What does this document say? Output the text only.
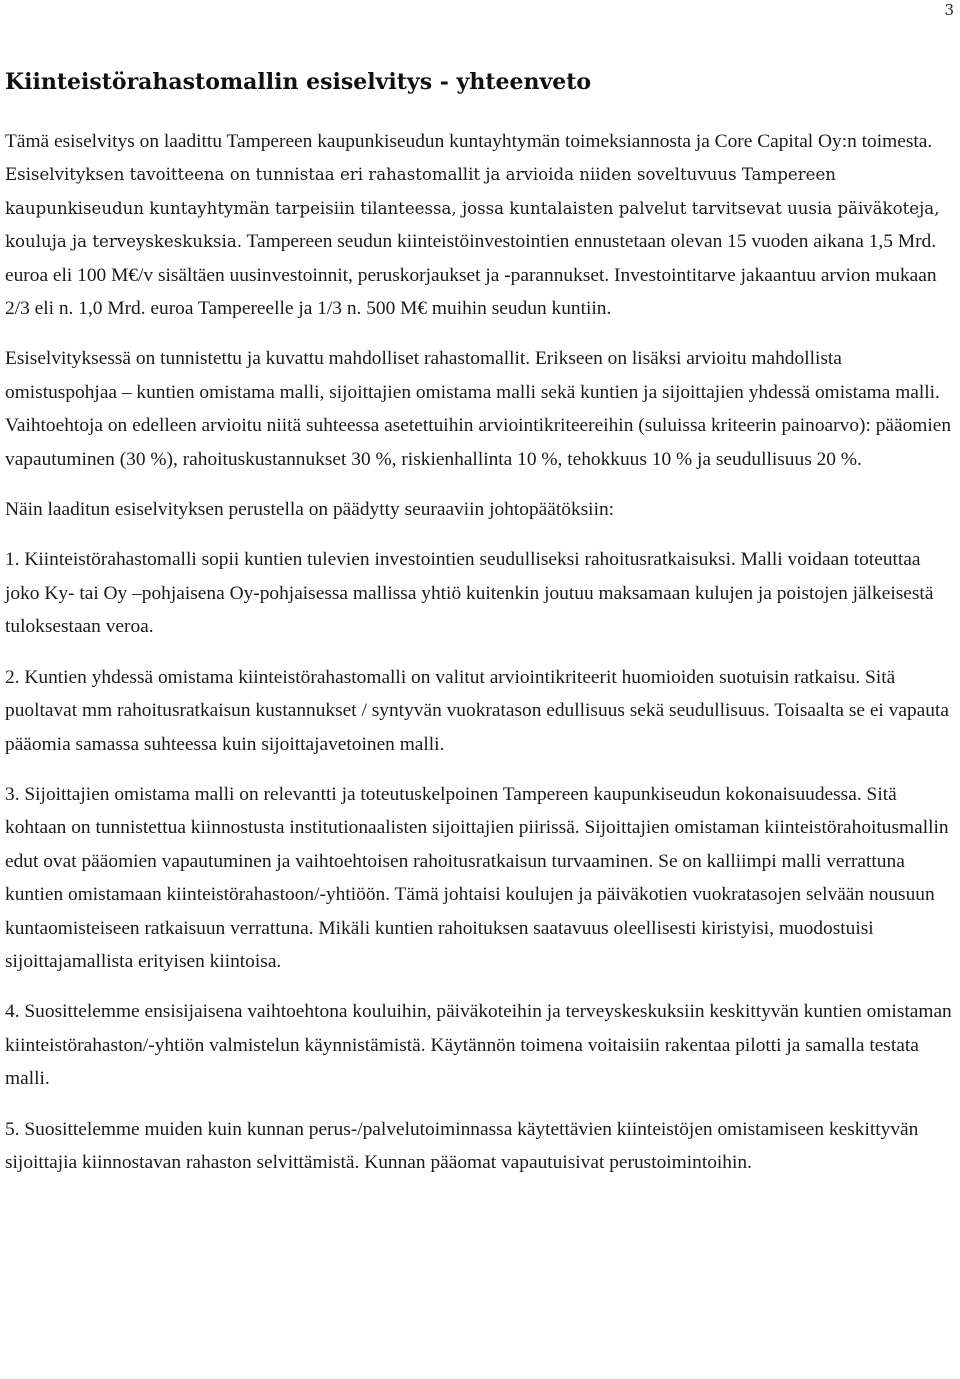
3
Kiinteistörahastomallin esiselvitys - yhteenveto

Tämä esiselvitys on laadittu Tampereen kaupunkiseudun kuntayhtymän toimeksiannosta ja Core Capital Oy:n toimesta. Esiselvityksen tavoitteena on tunnistaa eri rahastomallit ja arvioida niiden soveltuvuus Tampereen kaupunkiseudun kuntayhtymän tarpeisiin tilanteessa, jossa kuntalaisten palvelut tarvitsevat uusia päiväkoteja, kouluja ja terveyskeskuksia. Tampereen seudun kiinteistöinvestointien ennustetaan olevan 15 vuoden aikana 1,5 Mrd. euroa eli 100 M€/v sisältäen uusinvestoinnit, peruskorjaukset ja -parannukset. Investointitarve jakaantuu arvion mukaan 2/3 eli n. 1,0 Mrd. euroa Tampereelle ja 1/3 n. 500 M€ muihin seudun kuntiin.

Esiselvityksessä on tunnistettu ja kuvattu mahdolliset rahastomallit. Erikseen on lisäksi arvioitu mahdollista omistuspohjaa – kuntien omistama malli, sijoittajien omistama malli sekä kuntien ja sijoittajien yhdessä omistama malli. Vaihtoehtoja on edelleen arvioitu niitä suhteessa asetettuihin arviointikriteereihin (suluissa kriteerin painoarvo): pääomien vapautuminen (30 %), rahoituskustannukset 30 %, riskienhallinta 10 %, tehokkuus 10 % ja seudullisuus 20 %.

Näin laaditun esiselvityksen perustella on päädytty seuraaviin johtopäätöksiin:

1. Kiinteistörahastomalli sopii kuntien tulevien investointien seudulliseksi rahoitusratkaisuksi. Malli voidaan toteuttaa joko Ky- tai Oy –pohjaisena Oy-pohjaisessa mallissa yhtiö kuitenkin joutuu maksamaan kulujen ja poistojen jälkeisestä tuloksestaan veroa.

2. Kuntien yhdessä omistama kiinteistörahastomalli on valitut arviointikriteerit huomioiden suotuisin ratkaisu. Sitä puoltavat mm rahoitusratkaisun kustannukset / syntyvän vuokratason edullisuus sekä seudullisuus. Toisaalta se ei vapauta pääomia samassa suhteessa kuin sijoittajavetoinen malli.

3. Sijoittajien omistama malli on relevantti ja toteutuskelpoinen Tampereen kaupunkiseudun kokonaisuudessa. Sitä kohtaan on tunnistettua kiinnostusta institutionaalisten sijoittajien piirissä. Sijoittajien omistaman kiinteistörahoitusmallin edut ovat pääomien vapautuminen ja vaihtoehtoisen rahoitusratkaisun turvaaminen. Se on kalliimpi malli verrattuna kuntien omistamaan kiinteistörahastoon/-yhtiöön. Tämä johtaisi koulujen ja päiväkotien vuokratasojen selvään nousuun kuntaomisteiseen ratkaisuun verrattuna. Mikäli kuntien rahoituksen saatavuus oleellisesti kiristyisi, muodostuisi sijoittajamallista erityisen kiintoisa.

4. Suosittelemme ensisijaisena vaihtoehtona kouluihin, päiväkoteihin ja terveyskeskuksiin keskittyvän kuntien omistaman kiinteistörahaston/-yhtiön valmistelun käynnistämistä. Käytännön toimena voitaisiin rakentaa pilotti ja samalla testata malli.

5. Suosittelemme muiden kuin kunnan perus-/palvelutoiminnassa käytettävien kiinteistöjen omistamiseen keskittyvän sijoittajia kiinnostavan rahaston selvittämistä. Kunnan pääomat vapautuisivat perustoimintoihin.
